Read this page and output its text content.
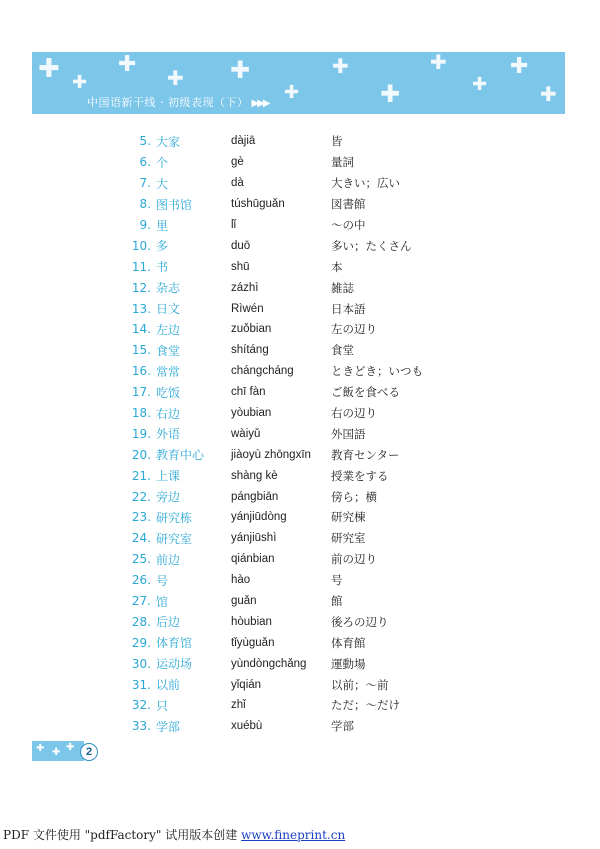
✚ ✚
✚
✚ ✚
✚
✚
✚
✚
✚
✚
✚
中国语新干线 · 初级表现（下） ▶▶▶
5. 大家	dàjiā	皆
6. 个	gè	量詞
7. 大	dà	大きい；広い
8. 图书馆	túshūguǎn	図書館
9. 里	lǐ	～の中
10. 多	duō	多い；たくさん
11. 书	shū	本
12. 杂志	zázhì	雑誌
13. 日文	Rìwén	日本語
14. 左边	zuǒbian	左の辺り
15. 食堂	shítáng	食堂
16. 常常	chángcháng	ときどき；いつも
17. 吃饭	chī fàn	ご飯を食べる
18. 右边	yòubian	右の辺り
19. 外语	wàiyǔ	外国語
20. 教育中心	jiàoyù zhōngxīn	教育センター
21. 上课	shàng kè	授業をする
22. 旁边	pángbiān	傍ら；横
23. 研究栋	yánjiūdòng	研究棟
24. 研究室	yánjiūshì	研究室
25. 前边	qiánbian	前の辺り
26. 号	hào	号
27. 馆	guǎn	館
28. 后边	hòubian	後ろの辺り
29. 体育馆	tǐyùguǎn	体育館
30. 运动场	yùndòngchǎng	運動場
31. 以前	yǐqián	以前；～前
32. 只	zhǐ	ただ；～だけ
33. 学部	xuébù	学部
✚ ✚ ✚	2
PDF 文件使用 "pdfFactory" 试用版本创建 www.fineprint.cn
